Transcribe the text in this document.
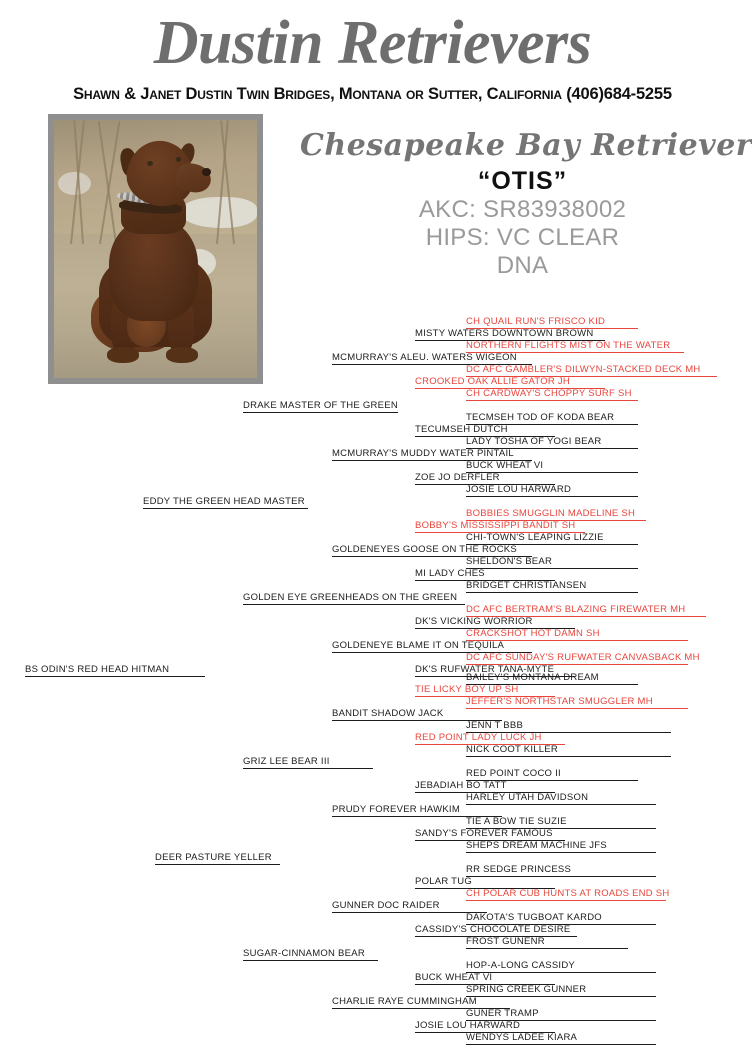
Dustin Retrievers
Shawn & Janet Dustin Twin Bridges, Montana or Sutter, California (406)684-5255
Chesapeake Bay Retriever
“OTIS”
AKC: SR83938002
HIPS: VC CLEAR
DNA
CH QUAIL RUN'S FRISCO KID
MISTY WATERS DOWNTOWN BROWN
NORTHERN FLIGHTS MIST ON THE WATER
MCMURRAY'S ALEU. WATERS WIGEON
DC AFC GAMBLER'S DILWYN-STACKED DECK MH
CROOKED OAK ALLIE GATOR JH
CH CARDWAY'S CHOPPY SURF SH
DRAKE MASTER OF THE GREEN
TECMSEH TOD OF KODA BEAR
TECUMSEH DUTCH
LADY TOSHA OF YOGI BEAR
MCMURRAY'S MUDDY WATER PINTAIL
BUCK WHEAT VI
ZOE JO DERFLER
JOSIE LOU HARWARD
EDDY THE GREEN HEAD MASTER
BOBBIES SMUGGLIN MADELINE SH
BOBBY'S MISSISSIPPI BANDIT SH
CHI-TOWN'S LEAPING LIZZIE
GOLDENEYES GOOSE ON THE ROCKS
SHELDON'S BEAR
MI LADY CHES
BRIDGET CHRISTIANSEN
GOLDEN EYE GREENHEADS ON THE GREEN
DC AFC BERTRAM'S BLAZING FIREWATER MH
DK'S VICKING WORRIOR
CRACKSHOT HOT DAMN SH
GOLDENEYE BLAME IT ON TEQUILA
DC AFC SUNDAY'S RUFWATER CANVASBACK MH
DK'S RUFWATER TANA-MYTE
BS ODIN'S RED HEAD HITMAN
BAILEY'S MONTANA DREAM
TIE LICKY BOY UP SH
JEFFER'S NORTHSTAR SMUGGLER MH
BANDIT SHADOW JACK
JENN T BBB
RED POINT LADY LUCK JH
NICK COOT KILLER
GRIZ LEE BEAR III
RED POINT COCO II
JEBADIAH BO TATT
HARLEY UTAH DAVIDSON
PRUDY FOREVER HAWKIM
TIE A BOW TIE SUZIE
SANDY'S FOREVER FAMOUS
SHEPS DREAM MACHINE JFS
DEER PASTURE YELLER
RR SEDGE PRINCESS
POLAR TUG
CH POLAR CUB HUNTS AT ROADS END SH
GUNNER DOC RAIDER
DAKOTA'S TUGBOAT KARDO
CASSIDY'S CHOCOLATE DESIRE
FROST GUNENR
SUGAR-CINNAMON BEAR
HOP-A-LONG CASSIDY
BUCK WHEAT VI
SPRING CREEK GUNNER
CHARLIE RAYE CUMMINGHAM
GUNER TRAMP
JOSIE LOU HARWARD
WENDYS LADEE KIARA
